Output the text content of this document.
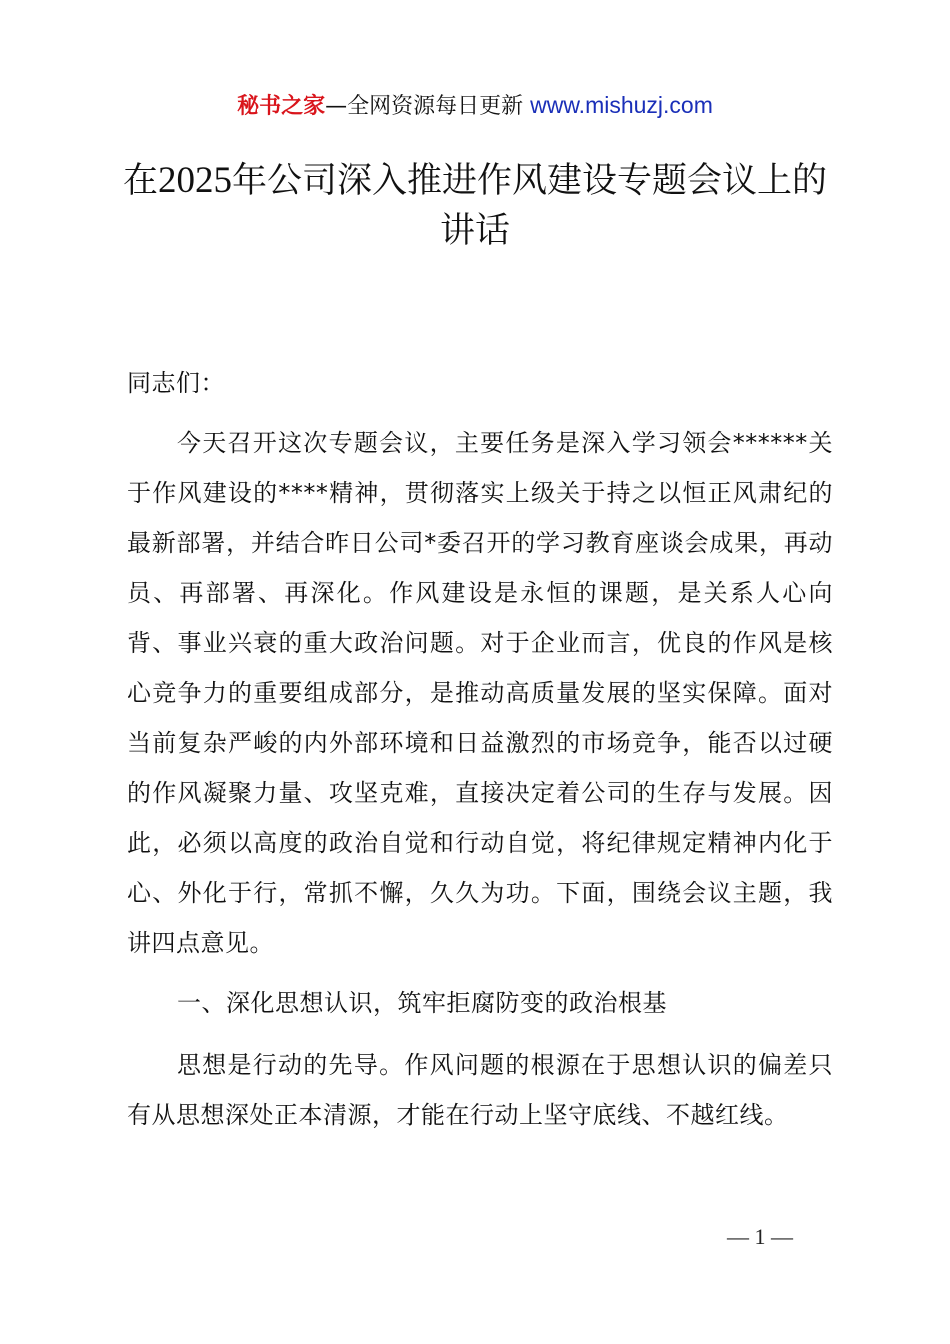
秘书之家—全网资源每日更新 www.mishuzj.com
在2025年公司深入推进作风建设专题会议上的讲话
同志们：
今天召开这次专题会议，主要任务是深入学习领会******关于作风建设的****精神，贯彻落实上级关于持之以恒正风肃纪的最新部署，并结合昨日公司*委召开的学习教育座谈会成果，再动员、再部署、再深化。作风建设是永恒的课题，是关系人心向背、事业兴衰的重大政治问题。对于企业而言，优良的作风是核心竞争力的重要组成部分，是推动高质量发展的坚实保障。面对当前复杂严峻的内外部环境和日益激烈的市场竞争，能否以过硬的作风凝聚力量、攻坚克难，直接决定着公司的生存与发展。因此，必须以高度的政治自觉和行动自觉，将纪律规定精神内化于心、外化于行，常抓不懈，久久为功。下面，围绕会议主题，我讲四点意见。
一、深化思想认识，筑牢拒腐防变的政治根基
思想是行动的先导。作风问题的根源在于思想认识的偏差只有从思想深处正本清源，才能在行动上坚守底线、不越红线。
— 1 —
